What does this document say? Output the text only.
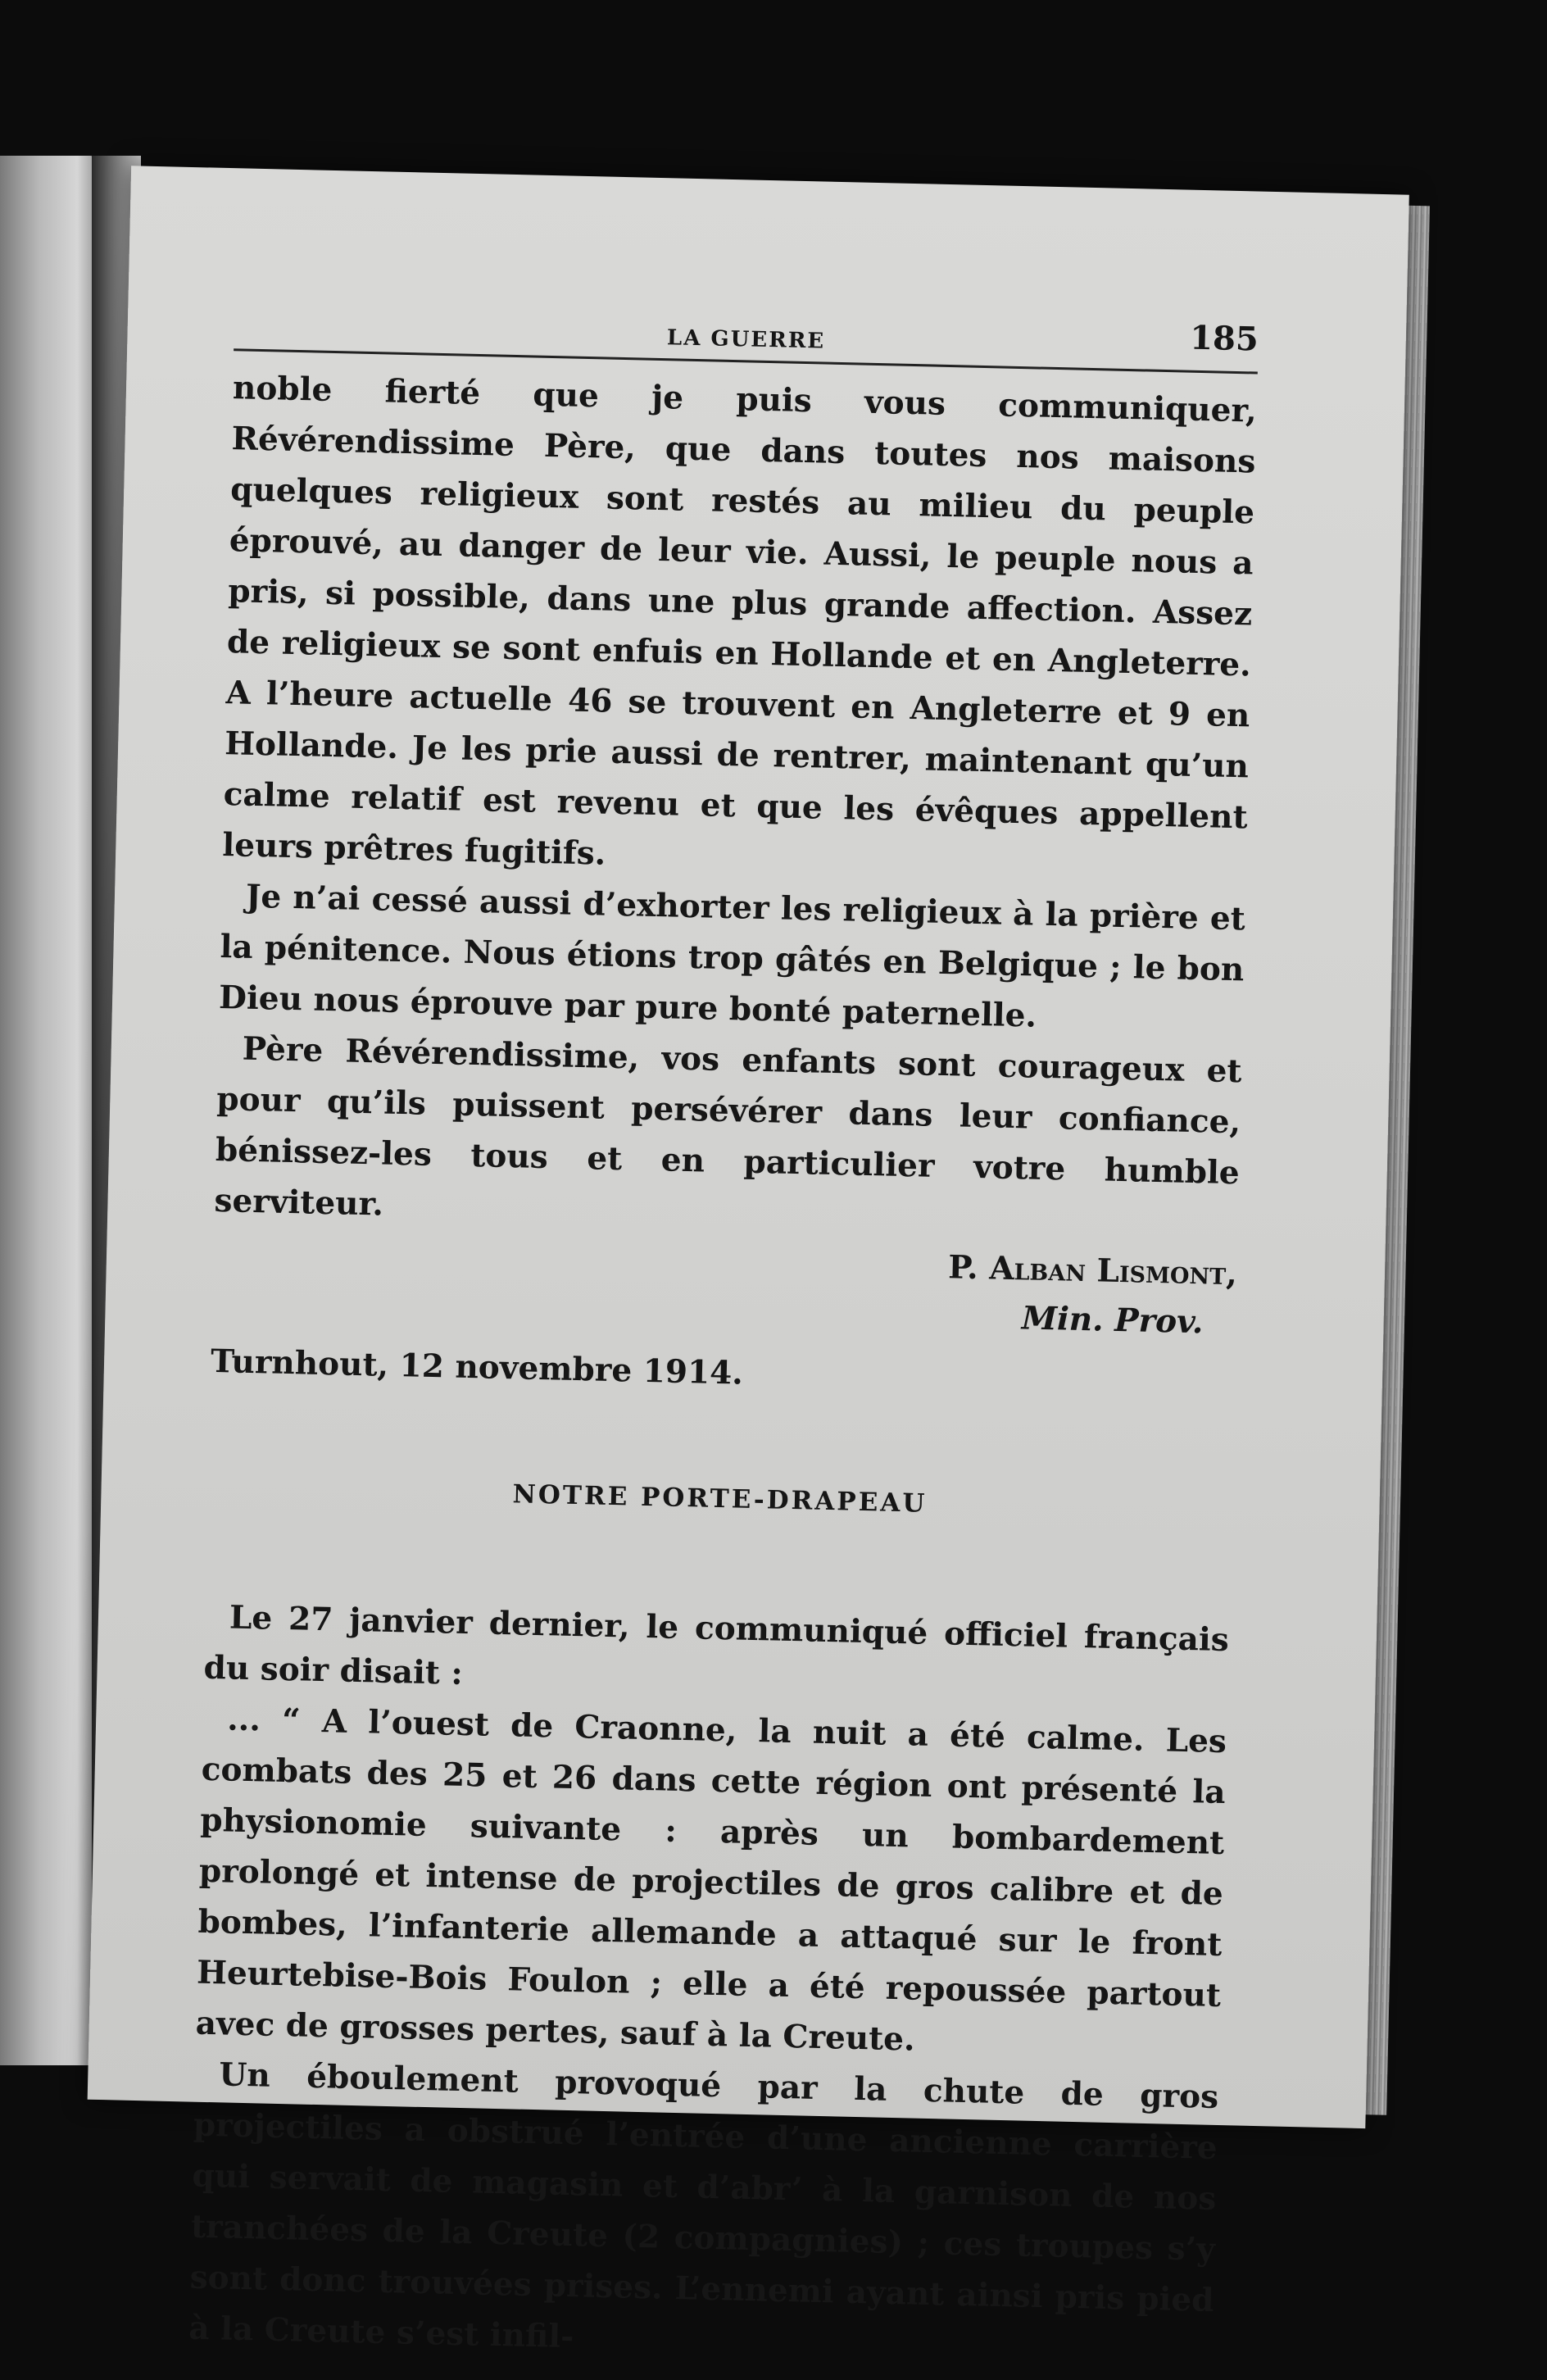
LA GUERRE	185

noble fierté que je puis vous communiquer, Révérendissime Père, que dans toutes nos maisons quelques religieux sont restés au milieu du peuple éprouvé, au danger de leur vie. Aussi, le peuple nous a pris, si possible, dans une plus grande affection. Assez de religieux se sont enfuis en Hollande et en Angleterre. A l’heure actuelle 46 se trouvent en Angleterre et 9 en Hollande. Je les prie aussi de rentrer, maintenant qu’un calme relatif est revenu et que les évêques appellent leurs prêtres fugitifs.

Je n’ai cessé aussi d’exhorter les religieux à la prière et la pénitence. Nous étions trop gâtés en Belgique ; le bon Dieu nous éprouve par pure bonté paternelle.

Père Révérendissime, vos enfants sont courageux et pour qu’ils puissent persévérer dans leur confiance, bénissez-les tous et en particulier votre humble serviteur.

P. Alban Lismont,
Min. Prov.

Turnhout, 12 novembre 1914.

NOTRE PORTE-DRAPEAU

Le 27 janvier dernier, le communiqué officiel français du soir disait :

... “ A l’ouest de Craonne, la nuit a été calme. Les combats des 25 et 26 dans cette région ont présenté la physionomie suivante : après un bombardement prolongé et intense de projectiles de gros calibre et de bombes, l’infanterie allemande a attaqué sur le front Heurtebise-Bois Foulon ; elle a été repoussée partout avec de grosses pertes, sauf à la Creute.

Un éboulement provoqué par la chute de gros projectiles a obstrué l’entrée d’une ancienne carrière qui servait de magasin et d’abr’ à la garnison de nos tranchées de la Creute (2 compagnies) ; ces troupes s’y sont donc trouvées prises. L’ennemi ayant ainsi pris pied à la Creute s’est infil-
